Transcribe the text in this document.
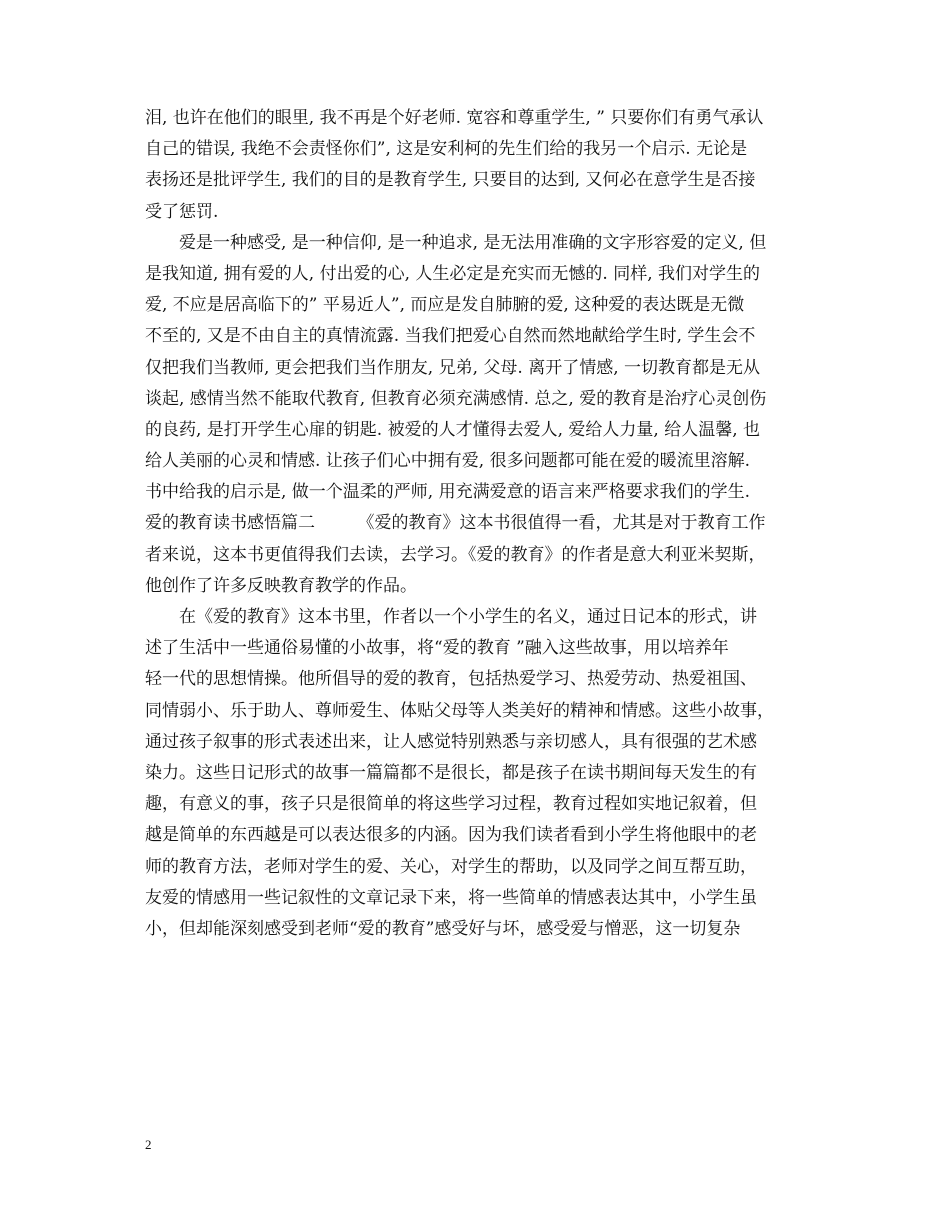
泪, 也许在他们的眼里, 我不再是个好老师. 宽容和尊重学生, ” 只要你们有勇气承认
自己的错误, 我绝不会责怪你们”, 这是安利柯的先生们给的我另一个启示. 无论是
表扬还是批评学生, 我们的目的是教育学生, 只要目的达到, 又何必在意学生是否接
受了惩罚.
　　爱是一种感受, 是一种信仰, 是一种追求, 是无法用准确的文字形容爱的定义, 但
是我知道, 拥有爱的人, 付出爱的心, 人生必定是充实而无憾的. 同样, 我们对学生的
爱, 不应是居高临下的” 平易近人”, 而应是发自肺腑的爱, 这种爱的表达既是无微
不至的, 又是不由自主的真情流露. 当我们把爱心自然而然地献给学生时, 学生会不
仅把我们当教师, 更会把我们当作朋友, 兄弟, 父母. 离开了情感, 一切教育都是无从
谈起, 感情当然不能取代教育, 但教育必须充满感情. 总之, 爱的教育是治疗心灵创伤
的良药, 是打开学生心扉的钥匙. 被爱的人才懂得去爱人, 爱给人力量, 给人温馨, 也
给人美丽的心灵和情感. 让孩子们心中拥有爱, 很多问题都可能在爱的暖流里溶解.
书中给我的启示是, 做一个温柔的严师, 用充满爱意的语言来严格要求我们的学生.
爱的教育读书感悟篇二　　　《爱的教育》这本书很值得一看，尤其是对于教育工作
者来说，这本书更值得我们去读，去学习。《爱的教育》的作者是意大利亚米契斯，
他创作了许多反映教育教学的作品。
　　在《爱的教育》这本书里，作者以一个小学生的名义，通过日记本的形式，讲
述了生活中一些通俗易懂的小故事，将“爱的教育 ”融入这些故事，用以培养年
轻一代的思想情操。他所倡导的爱的教育，包括热爱学习、热爱劳动、热爱祖国、
同情弱小、乐于助人、尊师爱生、体贴父母等人类美好的精神和情感。这些小故事，
通过孩子叙事的形式表述出来，让人感觉特别熟悉与亲切感人，具有很强的艺术感
染力。这些日记形式的故事一篇篇都不是很长，都是孩子在读书期间每天发生的有
趣，有意义的事，孩子只是很简单的将这些学习过程，教育过程如实地记叙着，但
越是简单的东西越是可以表达很多的内涵。因为我们读者看到小学生将他眼中的老
师的教育方法，老师对学生的爱、关心，对学生的帮助，以及同学之间互帮互助，
友爱的情感用一些记叙性的文章记录下来，将一些简单的情感表达其中，小学生虽
小，但却能深刻感受到老师“爱的教育”感受好与坏，感受爱与憎恶，这一切复杂
2
